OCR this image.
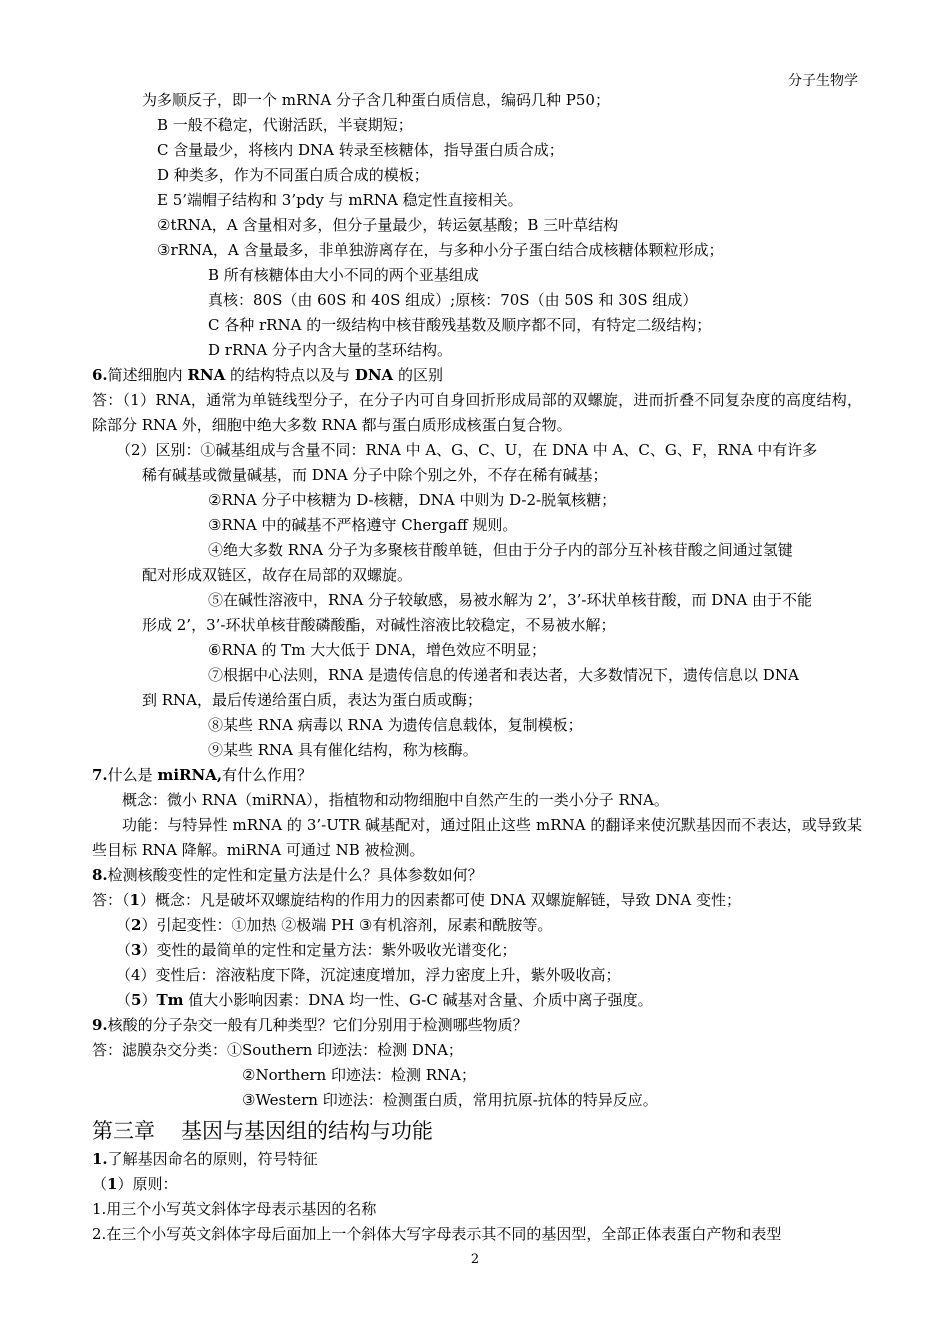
分子生物学
为多顺反子，即一个 mRNA 分子含几种蛋白质信息，编码几种 P50；
B 一般不稳定，代谢活跃，半衰期短；
C 含量最少，将核内 DNA 转录至核糖体，指导蛋白质合成；
D 种类多，作为不同蛋白质合成的模板；
E 5’端帽子结构和 3’pdy 与 mRNA 稳定性直接相关。
②tRNA，A 含量相对多，但分子量最少，转运氨基酸；B 三叶草结构
③rRNA，A 含量最多，非单独游离存在，与多种小分子蛋白结合成核糖体颗粒形成；
B 所有核糖体由大小不同的两个亚基组成
真核：80S（由 60S 和 40S 组成）;原核：70S（由 50S 和 30S 组成）
C 各种 rRNA 的一级结构中核苷酸残基数及顺序都不同，有特定二级结构；
D rRNA 分子内含大量的茎环结构。
6.简述细胞内 RNA 的结构特点以及与 DNA 的区别
答：（1）RNA，通常为单链线型分子，在分子内可自身回折形成局部的双螺旋，进而折叠不同复杂度的高度结构，除部分 RNA 外，细胞中绝大多数 RNA 都与蛋白质形成核蛋白复合物。
（2）区别：①碱基组成与含量不同：RNA 中 A、G、C、U，在 DNA 中 A、C、G、F，RNA 中有许多
稀有碱基或微量碱基，而 DNA 分子中除个别之外，不存在稀有碱基；
②RNA 分子中核糖为 D-核糖，DNA 中则为 D-2-脱氧核糖；
③RNA 中的碱基不严格遵守 Chergaff 规则。
④绝大多数 RNA 分子为多聚核苷酸单链，但由于分子内的部分互补核苷酸之间通过氢键
配对形成双链区，故存在局部的双螺旋。
⑤在碱性溶液中，RNA 分子较敏感，易被水解为 2’，3’-环状单核苷酸，而 DNA 由于不能
形成 2’，3’-环状单核苷酸磷酸酯，对碱性溶液比较稳定，不易被水解；
⑥RNA 的 Tm 大大低于 DNA，增色效应不明显；
⑦根据中心法则，RNA 是遗传信息的传递者和表达者，大多数情况下，遗传信息以 DNA
到 RNA，最后传递给蛋白质，表达为蛋白质或酶；
⑧某些 RNA 病毒以 RNA 为遗传信息载体，复制模板；
⑨某些 RNA 具有催化结构，称为核酶。
7.什么是 miRNA,有什么作用？
概念：微小 RNA（miRNA），指植物和动物细胞中自然产生的一类小分子 RNA。
功能：与特异性 mRNA 的 3’-UTR 碱基配对，通过阻止这些 mRNA 的翻译来使沉默基因而不表达，或导致某些目标 RNA 降解。miRNA 可通过 NB 被检测。
8.检测核酸变性的定性和定量方法是什么？具体参数如何？
答：（1）概念：凡是破坏双螺旋结构的作用力的因素都可使 DNA 双螺旋解链，导致 DNA 变性；
（2）引起变性：①加热 ②极端 PH ③有机溶剂，尿素和酰胺等。
（3）变性的最简单的定性和定量方法：紫外吸收光谱变化；
（4）变性后：溶液粘度下降，沉淀速度增加，浮力密度上升，紫外吸收高；
（5）Tm 值大小影响因素：DNA 均一性、G-C 碱基对含量、介质中离子强度。
9.核酸的分子杂交一般有几种类型？它们分别用于检测哪些物质？
答：滤膜杂交分类：①Southern 印迹法：检测 DNA；
②Northern 印迹法：检测 RNA；
③Western 印迹法：检测蛋白质，常用抗原-抗体的特异反应。
第三章 基因与基因组的结构与功能
1.了解基因命名的原则，符号特征
（1）原则：
1.用三个小写英文斜体字母表示基因的名称
2.在三个小写英文斜体字母后面加上一个斜体大写字母表示其不同的基因型，全部正体表蛋白产物和表型
2
